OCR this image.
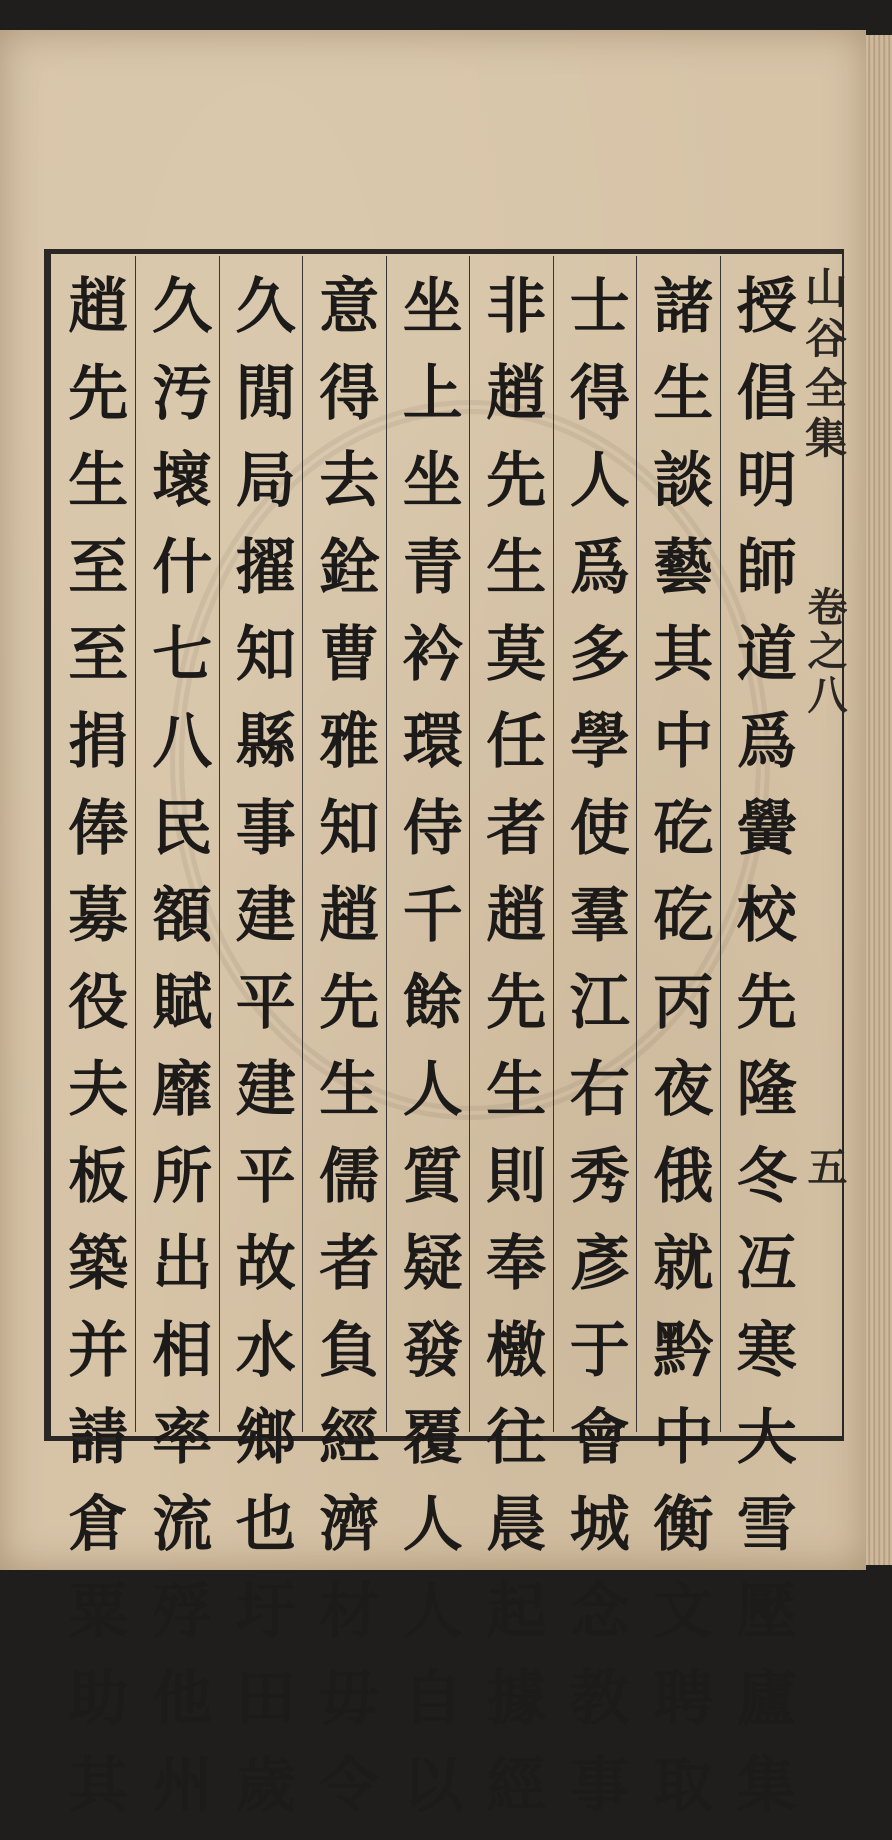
山谷全集
卷之八
五
授倡明師道爲黌校先隆冬冱寒大雪壓廬集
諸生談藝其中矻矻丙夜俄就黔中衡文聘取
士得人爲多學使羣江右秀彥于會城念教事
非趙先生莫任者趙先生則奉檄往晨起據經
坐上坐青衿環侍千餘人質疑發覆人人自以
意得去銓曹雅知趙先生儒者負經濟材毋令
久閒局擢知縣事建平建平故水鄉也圩田歲
久汚壞什七八民額賦靡所出相率流殍他州
趙先生至至捐俸募役夫板築并請倉粟助其
